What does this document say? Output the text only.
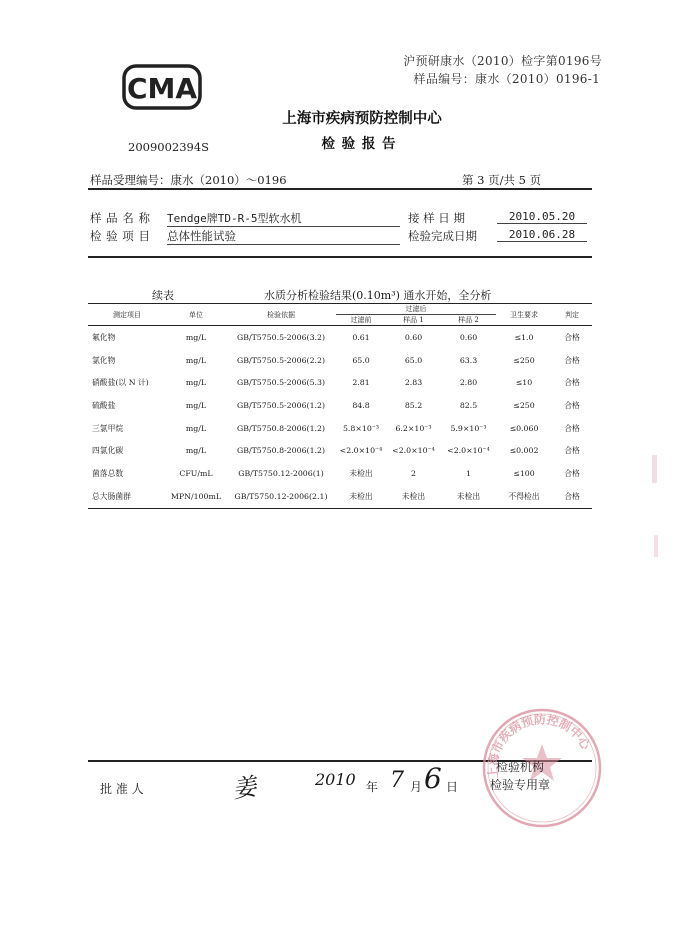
沪预研康水（2010）检字第0196号
样品编号：康水（2010）0196-1
CMA
2009002394S
上海市疾病预防控制中心
检 验 报 告
样品受理编号：康水（2010）～0196	第 3 页/共 5 页
样 品 名 称 Tendge牌TD-R-5型软水机	接 样 日 期	2010.05.20
检 验 项 目 总体性能试验	检验完成日期	2010.06.28
续表		水质分析检验结果(0.10m³) 通水开始，全分析					

测定项目	单位	检验依据	过滤后			卫生要求	判定
			过滤前	样品 1	样品 2		

氟化物	mg/L	GB/T5750.5-2006(3.2)	0.61	0.60	0.60	≤1.0	合格
氯化物	mg/L	GB/T5750.5-2006(2.2)	65.0	65.0	63.3	≤250	合格
硝酸盐(以 N 计)	mg/L	GB/T5750.5-2006(5.3)	2.81	2.83	2.80	≤10	合格
硫酸盐	mg/L	GB/T5750.5-2006(1.2)	84.8	85.2	82.5	≤250	合格
三氯甲烷	mg/L	GB/T5750.8-2006(1.2)	5.8×10⁻³	6.2×10⁻³	5.9×10⁻³	≤0.060	合格
四氯化碳	mg/L	GB/T5750.8-2006(1.2)	<2.0×10⁻⁴	<2.0×10⁻⁴	<2.0×10⁻⁴	≤0.002	合格
菌落总数	CFU/mL	GB/T5750.12-2006(1)	未检出	2	1	≤100	合格
总大肠菌群	MPN/100mL	GB/T5750.12-2006(2.1)	未检出	未检出	未检出	不得检出	合格

批 准 人	姜	2010 年 7 月 6 日
上海市疾病预防控制中心
检验机构
检验专用章
